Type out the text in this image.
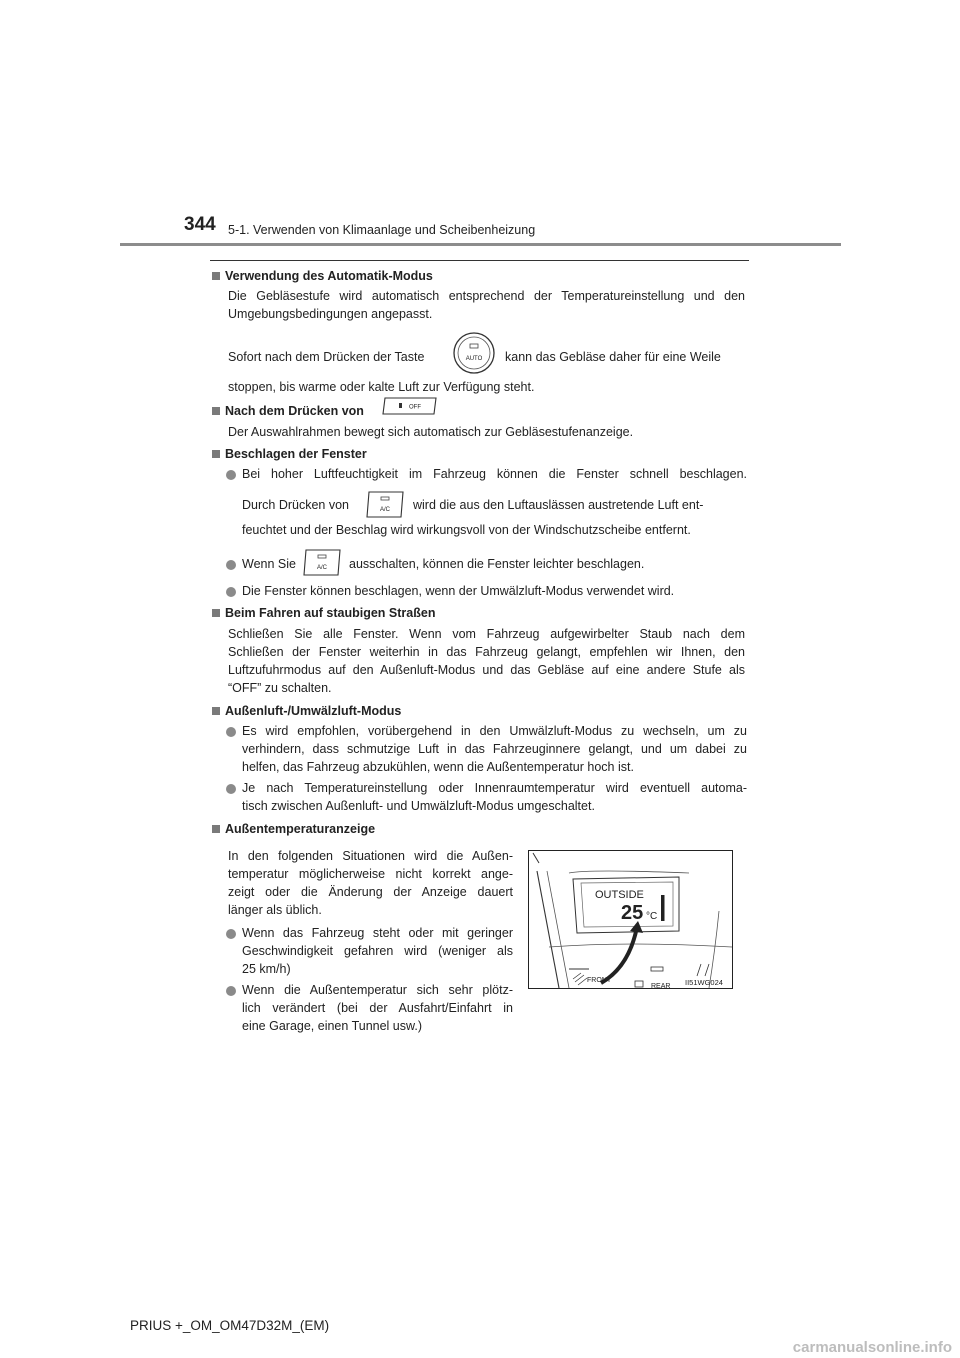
344 5-1. Verwenden von Klimaanlage und Scheibenheizung
Verwendung des Automatik-Modus
Die Gebläsestufe wird automatisch entsprechend der Temperatureinstellung und den
Umgebungsbedingungen angepasst.
Sofort nach dem Drücken der Taste	AUTO kann das Gebläse daher für eine Weile
stoppen, bis warme oder kalte Luft zur Verfügung steht.
Nach dem Drücken von	OFF
Der Auswahlrahmen bewegt sich automatisch zur Gebläsestufenanzeige.
Beschlagen der Fenster
Bei hoher Luftfeuchtigkeit im Fahrzeug können die Fenster schnell beschlagen.
Durch Drücken von	A/C wird die aus den Luftauslässen austretende Luft ent-
feuchtet und der Beschlag wird wirkungsvoll von der Windschutzscheibe entfernt.
Wenn Sie	A/C ausschalten, können die Fenster leichter beschlagen.
Die Fenster können beschlagen, wenn der Umwälzluft-Modus verwendet wird.
Beim Fahren auf staubigen Straßen
Schließen Sie alle Fenster. Wenn vom Fahrzeug aufgewirbelter Staub nach dem
Schließen der Fenster weiterhin in das Fahrzeug gelangt, empfehlen wir Ihnen, den
Luftzufuhrmodus auf den Außenluft-Modus und das Gebläse auf eine andere Stufe als
“OFF” zu schalten.
Außenluft-/Umwälzluft-Modus
Es wird empfohlen, vorübergehend in den Umwälzluft-Modus zu wechseln, um zu
verhindern, dass schmutzige Luft in das Fahrzeuginnere gelangt, und um dabei zu
helfen, das Fahrzeug abzukühlen, wenn die Außentemperatur hoch ist.
Je nach Temperatureinstellung oder Innenraumtemperatur wird eventuell automa-
tisch zwischen Außenluft- und Umwälzluft-Modus umgeschaltet.
Außentemperaturanzeige
In den folgenden Situationen wird die Außen-
temperatur möglicherweise nicht korrekt ange-
zeigt oder die Änderung der Anzeige dauert
länger als üblich.
Wenn das Fahrzeug steht oder mit geringer
Geschwindigkeit gefahren wird (weniger als
25 km/h)
Wenn die Außentemperatur sich sehr plötz-
lich verändert (bei der Ausfahrt/Einfahrt in
eine Garage, einen Tunnel usw.)
OUTSIDE
25 °C
FRONT
REAR II51WG024
PRIUS +_OM_OM47D32M_(EM)
carmanualsonline.info
